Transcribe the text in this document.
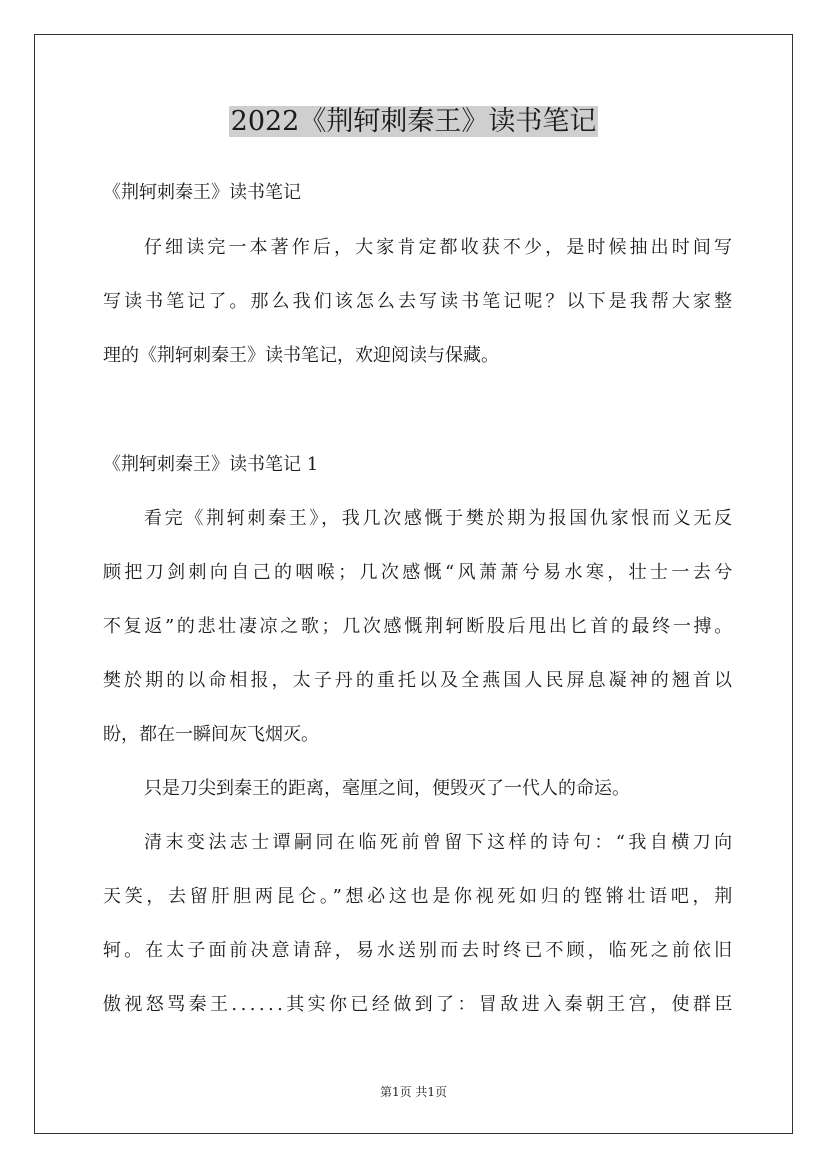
2022《荆轲刺秦王》读书笔记
《荆轲刺秦王》读书笔记
仔细读完一本著作后，大家肯定都收获不少，是时候抽出时间写
写读书笔记了。那么我们该怎么去写读书笔记呢？以下是我帮大家整
理的《荆轲刺秦王》读书笔记，欢迎阅读与保藏。
《荆轲刺秦王》读书笔记 1
看完《荆轲刺秦王》，我几次感慨于樊於期为报国仇家恨而义无反
顾把刀剑刺向自己的咽喉；几次感慨“风萧萧兮易水寒，壮士一去兮
不复返”的悲壮凄凉之歌；几次感慨荆轲断股后甩出匕首的最终一搏。
樊於期的以命相报，太子丹的重托以及全燕国人民屏息凝神的翘首以
盼，都在一瞬间灰飞烟灭。
只是刀尖到秦王的距离，毫厘之间，便毁灭了一代人的命运。
清末变法志士谭嗣同在临死前曾留下这样的诗句：“我自横刀向
天笑，去留肝胆两昆仑。”想必这也是你视死如归的铿锵壮语吧，荆
轲。在太子面前决意请辞，易水送别而去时终已不顾，临死之前依旧
傲视怒骂秦王......其实你已经做到了：冒敌进入秦朝王宫，使群臣
第1页 共1页
